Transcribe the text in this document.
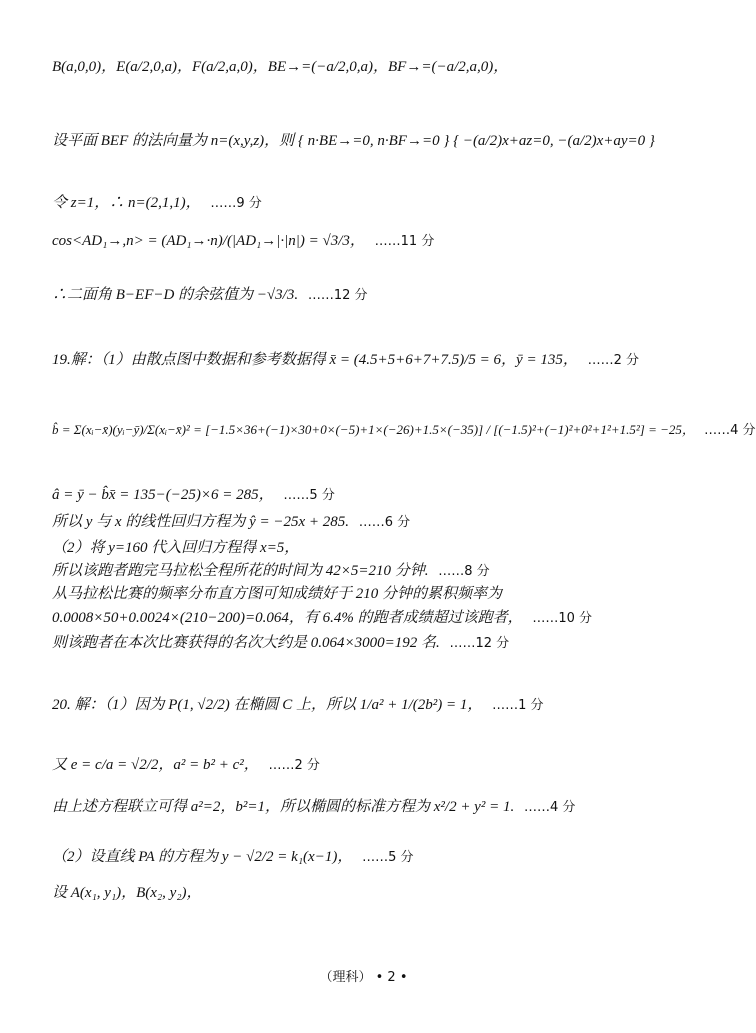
B(a,0,0)，E(a/2,0,a)，F(a/2,a,0)，BE→=(−a/2,0,a)，BF→=(−a/2,a,0)，
设平面 BEF 的法向量为 n=(x,y,z)，则 { n·BE→=0, n·BF→=0 } { −(a/2)x+az=0, −(a/2)x+ay=0 }
令 z=1，∴ n=(2,1,1)， ……9 分
cos<AD₁→,n> = (AD₁→·n)/(|AD₁→|·|n|) = √3/3， ……11 分
∴二面角 B−EF−D 的余弦值为 −√3/3. ……12 分
19.解：（1）由散点图中数据和参考数据得 x̄ = (4.5+5+6+7+7.5)/5 = 6，ȳ = 135， ……2 分
b̂ = Σ(xᵢ−x̄)(yᵢ−ȳ)/Σ(xᵢ−x̄)² = [−1.5×36+(−1)×30+0×(−5)+1×(−26)+1.5×(−35)] / [(−1.5)²+(−1)²+0²+1²+1.5²] = −25， ……4 分
â = ȳ − b̂x̄ = 135−(−25)×6 = 285， ……5 分
所以 y 与 x 的线性回归方程为 ŷ = −25x + 285. ……6 分
（2）将 y=160 代入回归方程得 x=5，
所以该跑者跑完马拉松全程所花的时间为 42×5=210 分钟. ……8 分
从马拉松比赛的频率分布直方图可知成绩好于 210 分钟的累积频率为
0.0008×50+0.0024×(210−200)=0.064，有 6.4% 的跑者成绩超过该跑者， ……10 分
则该跑者在本次比赛获得的名次大约是 0.064×3000=192 名. ……12 分
20. 解：（1）因为 P(1, √2/2) 在椭圆 C 上，所以 1/a² + 1/(2b²) = 1， ……1 分
又 e = c/a = √2/2，a² = b² + c²， ……2 分
由上述方程联立可得 a²=2，b²=1，所以椭圆的标准方程为 x²/2 + y² = 1. ……4 分
（2）设直线 PA 的方程为 y − √2/2 = k₁(x−1)， ……5 分
设 A(x₁, y₁)，B(x₂, y₂)，
（理科） • 2 •
